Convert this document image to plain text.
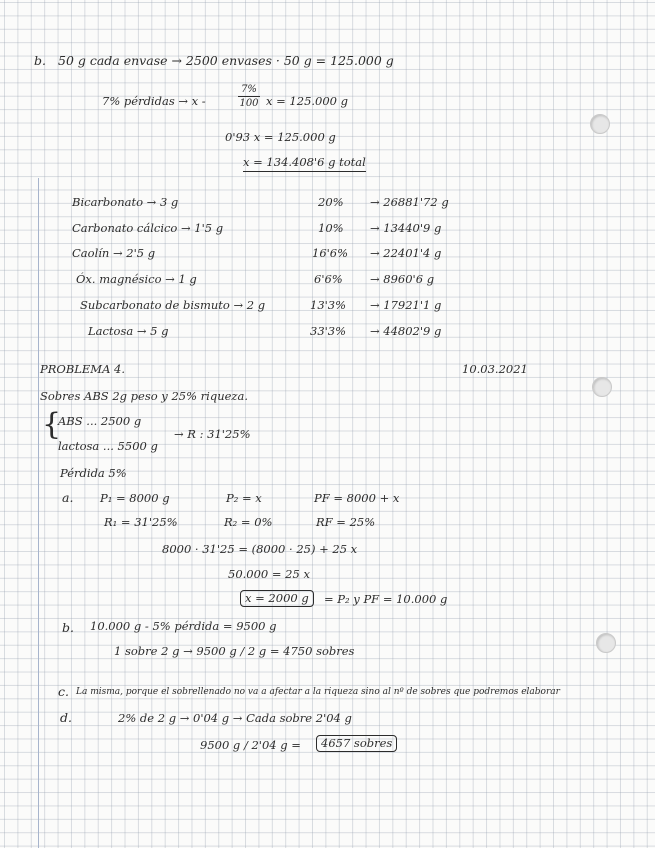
b. 50 g cada envase → 2500 envases · 50 g = 125.000 g
7% pérdidas → x -
7%
100 x = 125.000 g
0'93 x = 125.000 g
x = 134.408'6 g total
Bicarbonato → 3 g	20% → 26881'72 g
Carbonato cálcico → 1'5 g	10% → 13440'9 g
Caolín → 2'5 g	16'6% → 22401'4 g
Óx. magnésico → 1 g	6'6% → 8960'6 g
Subcarbonato de bismuto → 2 g	13'3% → 17921'1 g
Lactosa → 5 g	33'3% → 44802'9 g
PROBLEMA 4.	10.03.2021
Sobres ABS 2g peso y 25% riqueza.
{
ABS ... 2500 g
lactosa ... 5500 g
→ R : 31'25%
Pérdida 5%
a. P₁ = 8000 g	P₂ = x	PF = 8000 + x
R₁ = 31'25%	R₂ = 0%	RF = 25%
8000 · 31'25 = (8000 · 25) + 25 x
50.000 = 25 x
x = 2000 g	= P₂ y PF = 10.000 g
b. 10.000 g - 5% pérdida = 9500 g
1 sobre 2 g → 9500 g / 2 g = 4750 sobres
c. La misma, porque el sobrellenado no va a afectar a la riqueza sino al nº de sobres que podremos elaborar
d.	2% de 2 g → 0'04 g → Cada sobre 2'04 g
9500 g / 2'04 g =	4657 sobres
